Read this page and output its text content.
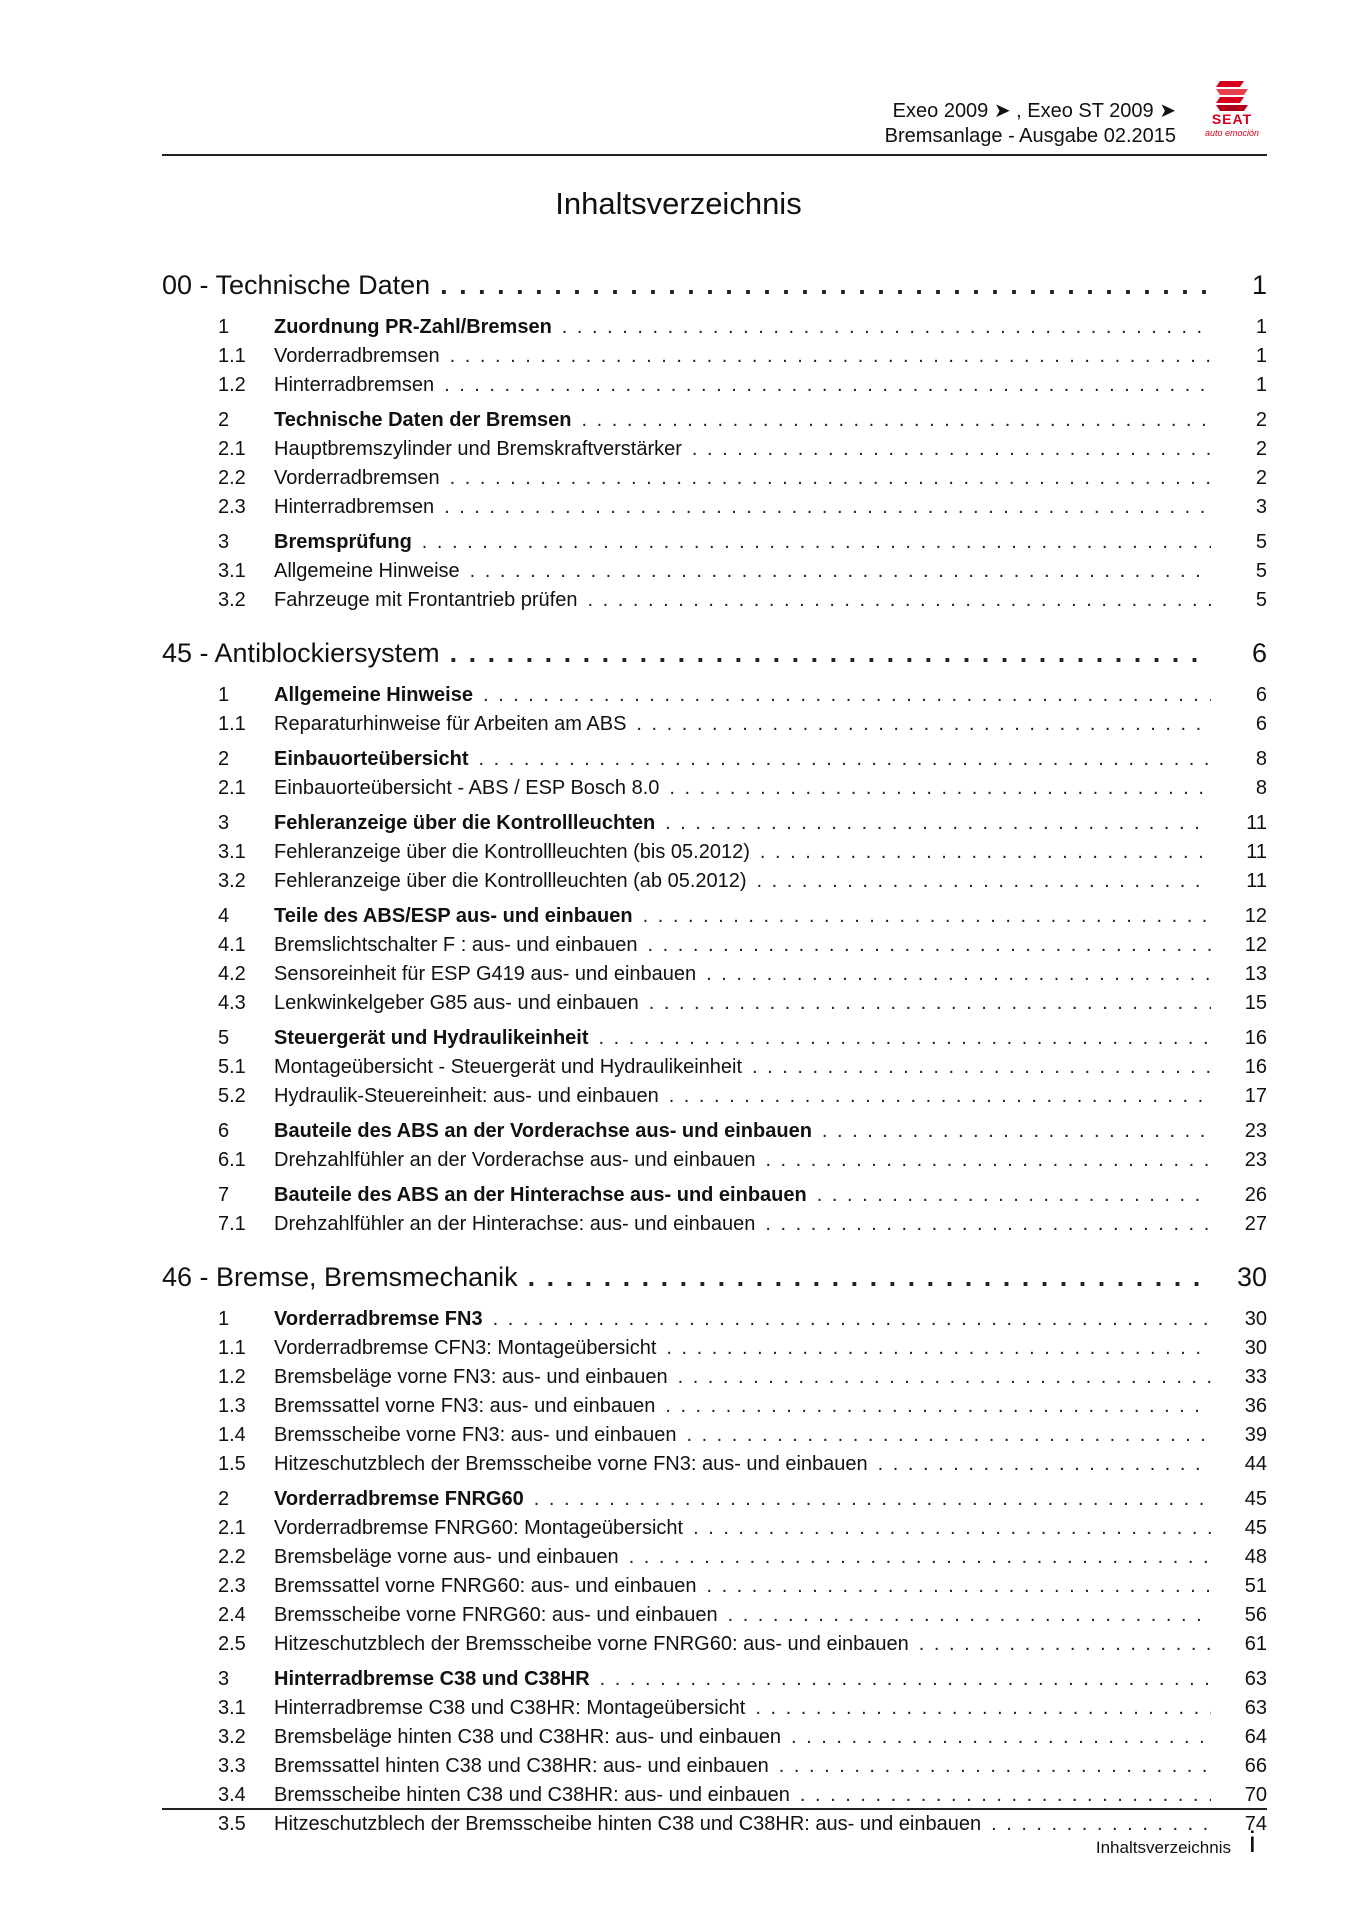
Exeo 2009 ➤ , Exeo ST 2009 ➤
Bremsanlage - Ausgabe 02.2015
SEAT
auto emoción
Inhaltsverzeichnis
00 - Technische Daten . . .	1
1	Zuordnung PR-Zahl/Bremsen . . .	1
1.1	Vorderradbremsen . . .	1
1.2	Hinterradbremsen . . .	1
2	Technische Daten der Bremsen . . .	2
2.1	Hauptbremszylinder und Bremskraftverstärker . . .	2
2.2	Vorderradbremsen . . .	2
2.3	Hinterradbremsen . . .	3
3	Bremsprüfung . . .	5
3.1	Allgemeine Hinweise . . .	5
3.2	Fahrzeuge mit Frontantrieb prüfen . . .	5
45 - Antiblockiersystem . . .	6
1	Allgemeine Hinweise . . .	6
1.1	Reparaturhinweise für Arbeiten am ABS . . .	6
2	Einbauorteübersicht . . .	8
2.1	Einbauorteübersicht - ABS / ESP Bosch 8.0 . . .	8
3	Fehleranzeige über die Kontrollleuchten . . .	11
3.1	Fehleranzeige über die Kontrollleuchten (bis 05.2012) . . .	11
3.2	Fehleranzeige über die Kontrollleuchten (ab 05.2012) . . .	11
4	Teile des ABS/ESP aus- und einbauen . . .	12
4.1	Bremslichtschalter F : aus- und einbauen . . .	12
4.2	Sensoreinheit für ESP G419 aus- und einbauen . . .	13
4.3	Lenkwinkelgeber G85 aus- und einbauen . . .	15
5	Steuergerät und Hydraulikeinheit . . .	16
5.1	Montageübersicht - Steuergerät und Hydraulikeinheit . . .	16
5.2	Hydraulik-Steuereinheit: aus- und einbauen . . .	17
6	Bauteile des ABS an der Vorderachse aus- und einbauen . . .	23
6.1	Drehzahlfühler an der Vorderachse aus- und einbauen . . .	23
7	Bauteile des ABS an der Hinterachse aus- und einbauen . . .	26
7.1	Drehzahlfühler an der Hinterachse: aus- und einbauen . . .	27
46 - Bremse, Bremsmechanik . . .	30
1	Vorderradbremse FN3 . . .	30
1.1	Vorderradbremse CFN3: Montageübersicht . . .	30
1.2	Bremsbeläge vorne FN3: aus- und einbauen . . .	33
1.3	Bremssattel vorne FN3: aus- und einbauen . . .	36
1.4	Bremsscheibe vorne FN3: aus- und einbauen . . .	39
1.5	Hitzeschutzblech der Bremsscheibe vorne FN3: aus- und einbauen . . .	44
2	Vorderradbremse FNRG60 . . .	45
2.1	Vorderradbremse FNRG60: Montageübersicht . . .	45
2.2	Bremsbeläge vorne aus- und einbauen . . .	48
2.3	Bremssattel vorne FNRG60: aus- und einbauen . . .	51
2.4	Bremsscheibe vorne FNRG60: aus- und einbauen . . .	56
2.5	Hitzeschutzblech der Bremsscheibe vorne FNRG60: aus- und einbauen . . .	61
3	Hinterradbremse C38 und C38HR . . .	63
3.1	Hinterradbremse C38 und C38HR: Montageübersicht . . .	63
3.2	Bremsbeläge hinten C38 und C38HR: aus- und einbauen . . .	64
3.3	Bremssattel hinten C38 und C38HR: aus- und einbauen . . .	66
3.4	Bremsscheibe hinten C38 und C38HR: aus- und einbauen . . .	70
3.5	Hitzeschutzblech der Bremsscheibe hinten C38 und C38HR: aus- und einbauen . . .	74
Inhaltsverzeichnis i
